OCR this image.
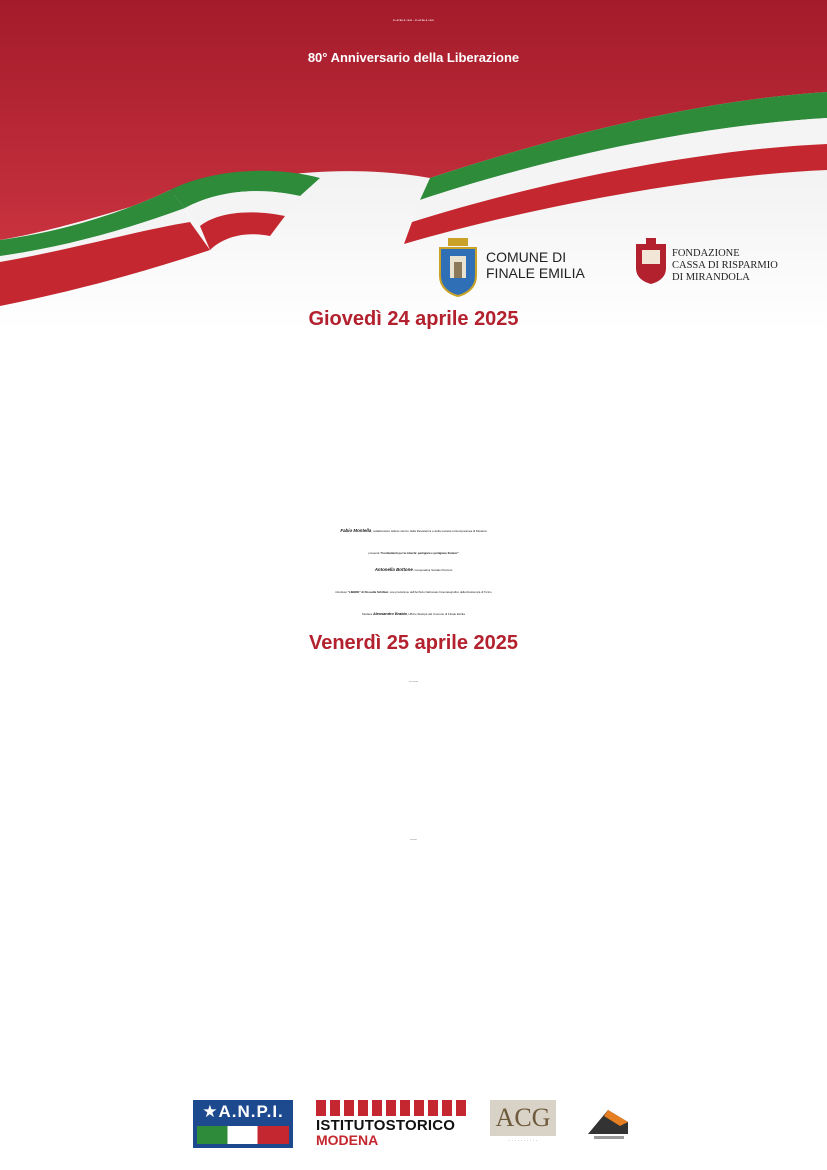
25 APRILE 1945 - 25 APRILE 2025
80° Anniversario della Liberazione
COMUNE DI
FINALE EMILIA
FONDAZIONE
CASSA DI RISPARMIO
DI MIRANDOLA
Giovedì 24 aprile 2025
Fabio Montella, collaboratore Istituto storico della Resistenza e della società contemporanea di Modena
presenta "Combattenti per la Libertà: partigiani e partigiane finalesi"
Antonella Bottone, Cooperativa Sociale Percorsi
introduce "LIBERE" di Rossella Schillaci, una produzione dell'Archivio Nazionale Cinematografico della Resistenza di Torino
Modera Alessandro Braida, Ufficio Stampa del Comune di Finale Emilia
Venerdì 25 aprile 2025
MASSA FINALESE
FINALE EMILIA
★A.N.P.I.
ISTITUTOSTORICO
MODENA
ACG
· · · · · · · · · ·
